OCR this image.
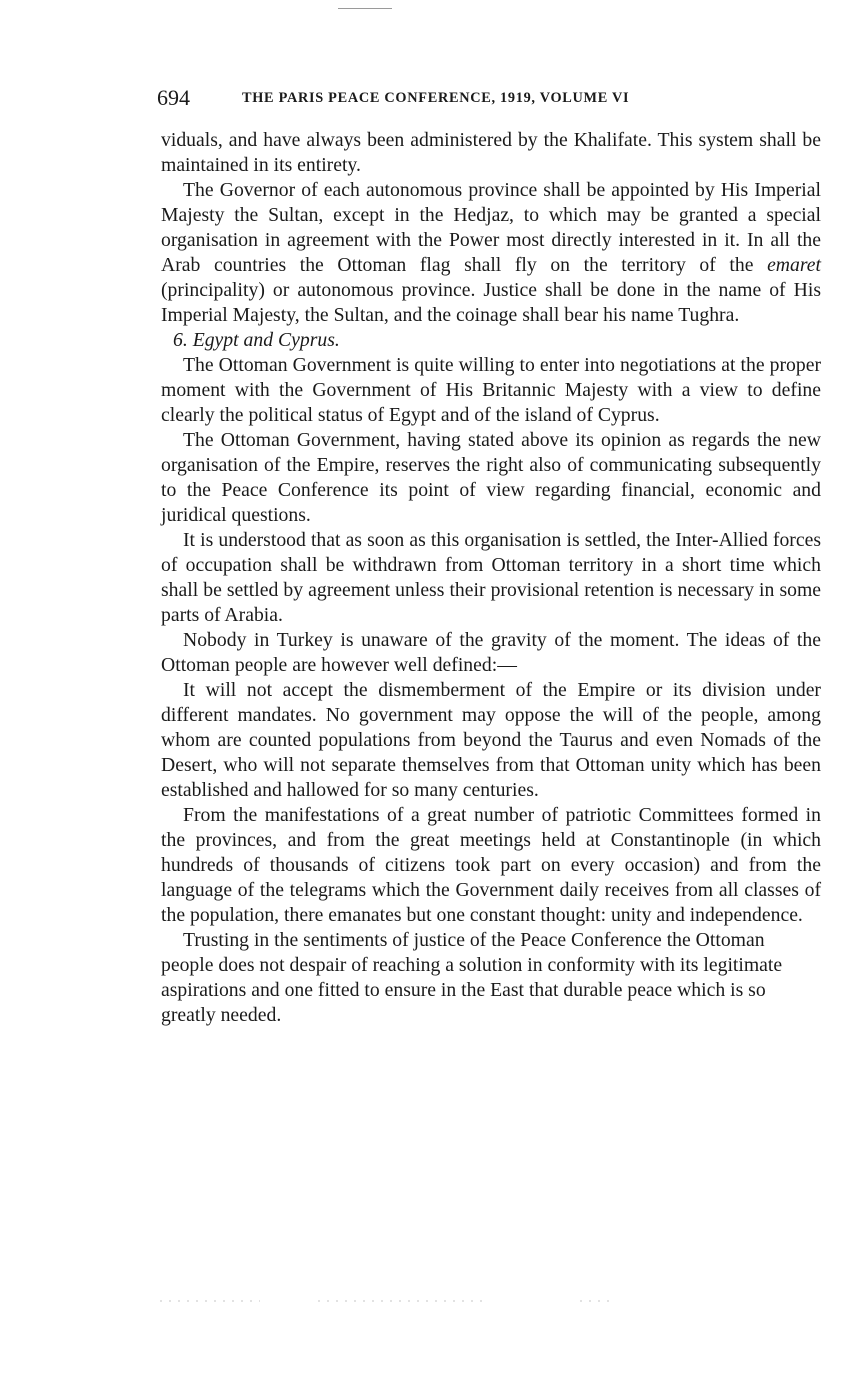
694	THE PARIS PEACE CONFERENCE, 1919, VOLUME VI

viduals, and have always been administered by the Khalifate. This system shall be maintained in its entirety.

The Governor of each autonomous province shall be appointed by His Imperial Majesty the Sultan, except in the Hedjaz, to which may be granted a special organisation in agreement with the Power most directly interested in it. In all the Arab countries the Ottoman flag shall fly on the territory of the emaret (principality) or autonomous province. Justice shall be done in the name of His Imperial Majesty, the Sultan, and the coinage shall bear his name Tughra.

6. Egypt and Cyprus.

The Ottoman Government is quite willing to enter into negotiations at the proper moment with the Government of His Britannic Majesty with a view to define clearly the political status of Egypt and of the island of Cyprus.

The Ottoman Government, having stated above its opinion as regards the new organisation of the Empire, reserves the right also of communicating subsequently to the Peace Conference its point of view regarding financial, economic and juridical questions.

It is understood that as soon as this organisation is settled, the Inter-Allied forces of occupation shall be withdrawn from Ottoman territory in a short time which shall be settled by agreement unless their provisional retention is necessary in some parts of Arabia.

Nobody in Turkey is unaware of the gravity of the moment. The ideas of the Ottoman people are however well defined:—

It will not accept the dismemberment of the Empire or its division under different mandates. No government may oppose the will of the people, among whom are counted populations from beyond the Taurus and even Nomads of the Desert, who will not separate themselves from that Ottoman unity which has been established and hallowed for so many centuries.

From the manifestations of a great number of patriotic Committees formed in the provinces, and from the great meetings held at Constantinople (in which hundreds of thousands of citizens took part on every occasion) and from the language of the telegrams which the Government daily receives from all classes of the population, there emanates but one constant thought: unity and independence.

Trusting in the sentiments of justice of the Peace Conference the Ottoman people does not despair of reaching a solution in conformity with its legitimate aspirations and one fitted to ensure in the East that durable peace which is so greatly needed.
